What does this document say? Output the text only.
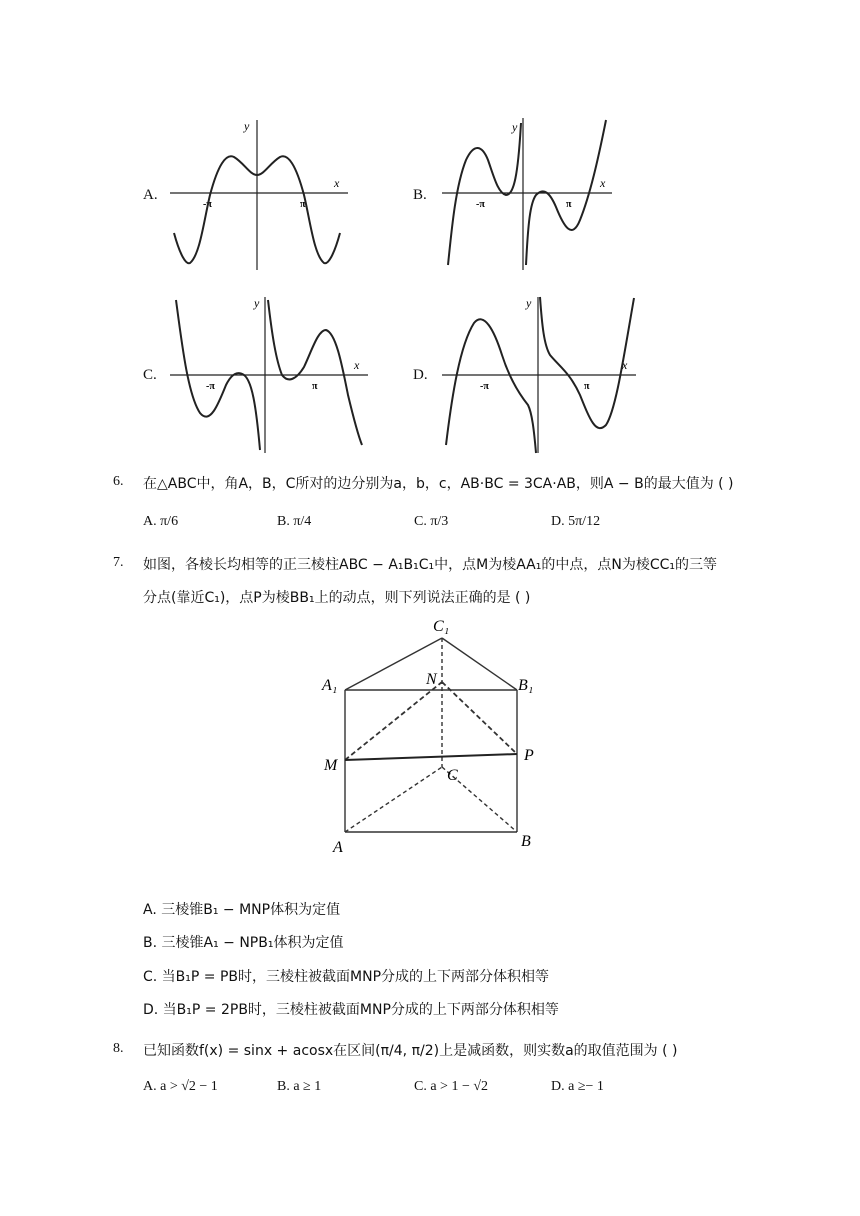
A.
x
y
-π	π
B.
x
y
-π	π
C.
x
y
-π	π
D.
x
y
-π	π
6. 在△ABC中，角A，B，C所对的边分别为a，b，c，AB·BC = 3CA·AB，则A − B的最大值为 ( )
A. π/6	B. π/4	C. π/3	D. 5π/12
7. 如图，各棱长均相等的正三棱柱ABC − A₁B₁C₁中，点M为棱AA₁的中点，点N为棱CC₁的三等
分点(靠近C₁)，点P为棱BB₁上的动点，则下列说法正确的是 ( )
C₁
A₁	B₁
N
M
P
C
A	B
A. 三棱锥B₁ − MNP体积为定值
B. 三棱锥A₁ − NPB₁体积为定值
C. 当B₁P = PB时，三棱柱被截面MNP分成的上下两部分体积相等
D. 当B₁P = 2PB时，三棱柱被截面MNP分成的上下两部分体积相等
8. 已知函数f(x) = sinx + acosx在区间(π/4, π/2)上是减函数，则实数a的取值范围为 ( )
A. a > √2 − 1	B. a ≥ 1	C. a > 1 − √2	D. a ≥− 1
